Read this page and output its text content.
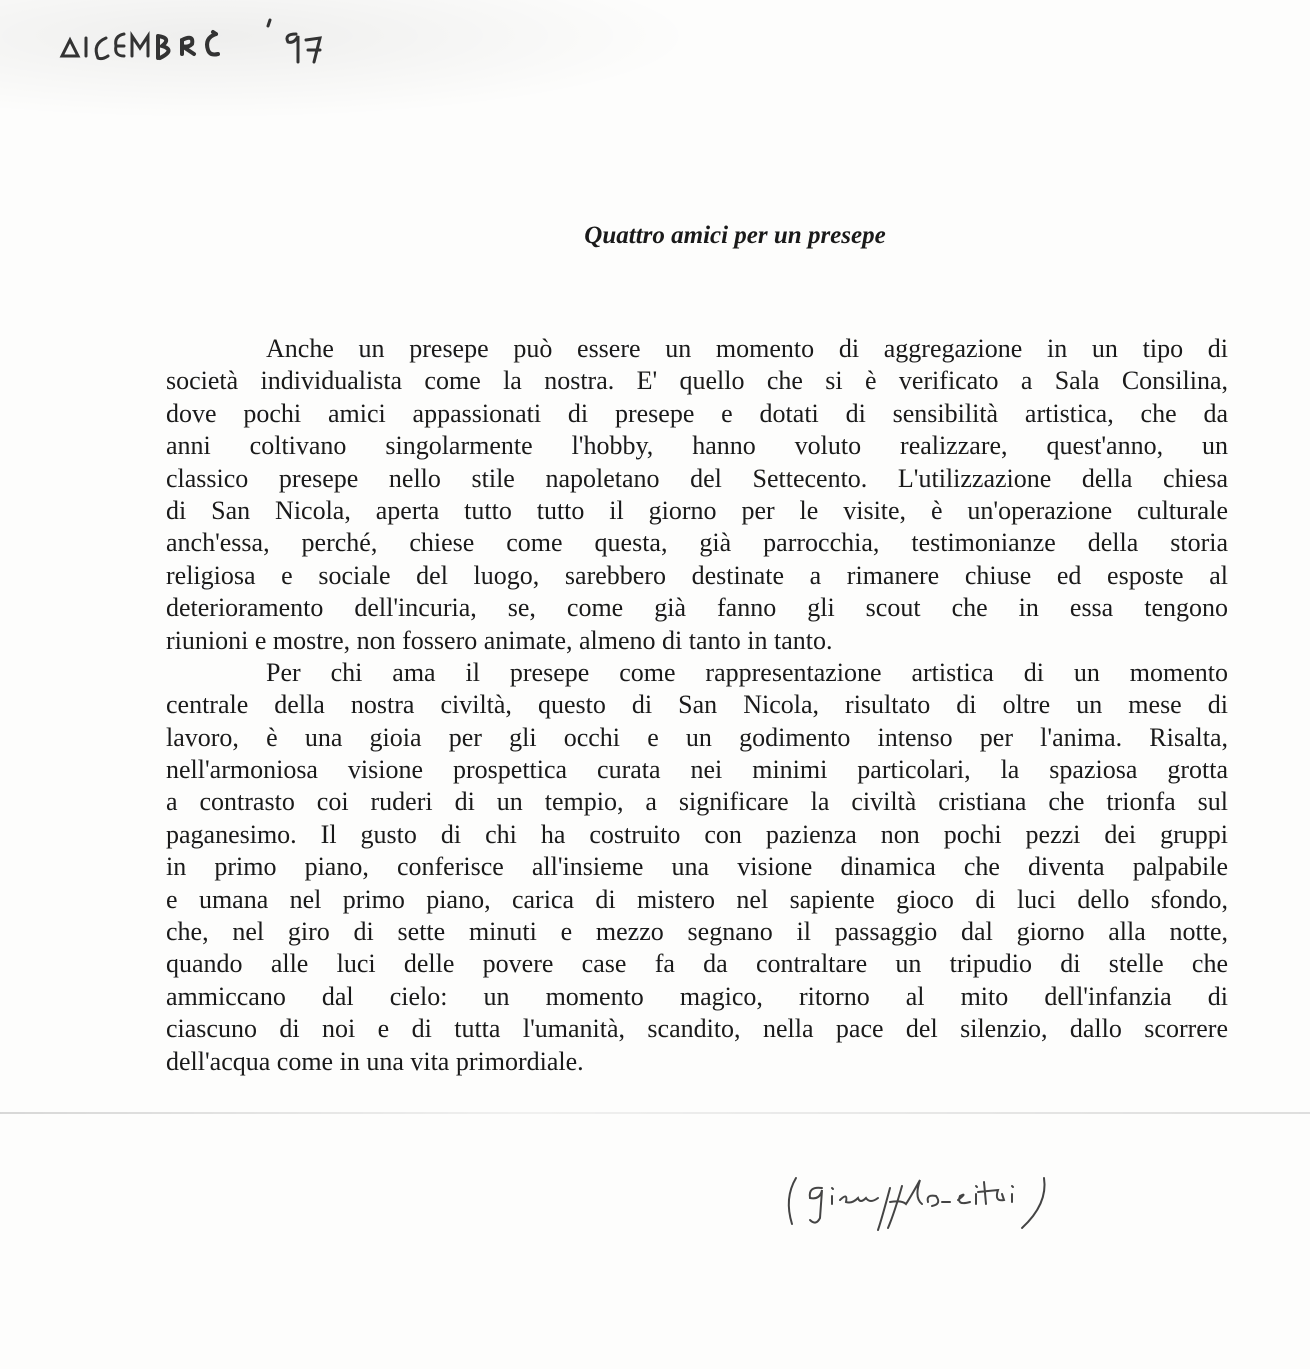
Quattro amici per un presepe
Anche un presepe può essere un momento di aggregazione in un tipo di
società individualista come la nostra. E' quello che si è verificato a Sala Consilina,
dove pochi amici appassionati di presepe e dotati di sensibilità artistica, che da
anni coltivano singolarmente l'hobby, hanno voluto realizzare, quest'anno, un
classico presepe nello stile napoletano del Settecento. L'utilizzazione della chiesa
di San Nicola, aperta tutto tutto il giorno per le visite, è un'operazione culturale
anch'essa, perché, chiese come questa, già parrocchia, testimonianze della storia
religiosa e sociale del luogo, sarebbero destinate a rimanere chiuse ed esposte al
deterioramento dell'incuria, se, come già fanno gli scout che in essa tengono
riunioni e mostre, non fossero animate, almeno di tanto in tanto.
Per chi ama il presepe come rappresentazione artistica di un momento
centrale della nostra civiltà, questo di San Nicola, risultato di oltre un mese di
lavoro, è una gioia per gli occhi e un godimento intenso per l'anima. Risalta,
nell'armoniosa visione prospettica curata nei minimi particolari, la spaziosa grotta
a contrasto coi ruderi di un tempio, a significare la civiltà cristiana che trionfa sul
paganesimo. Il gusto di chi ha costruito con pazienza non pochi pezzi dei gruppi
in primo piano, conferisce all'insieme una visione dinamica che diventa palpabile
e umana nel primo piano, carica di mistero nel sapiente gioco di luci dello sfondo,
che, nel giro di sette minuti e mezzo segnano il passaggio dal giorno alla notte,
quando alle luci delle povere case fa da contraltare un tripudio di stelle che
ammiccano dal cielo: un momento magico, ritorno al mito dell'infanzia di
ciascuno di noi e di tutta l'umanità, scandito, nella pace del silenzio, dallo scorrere
dell'acqua come in una vita primordiale.
